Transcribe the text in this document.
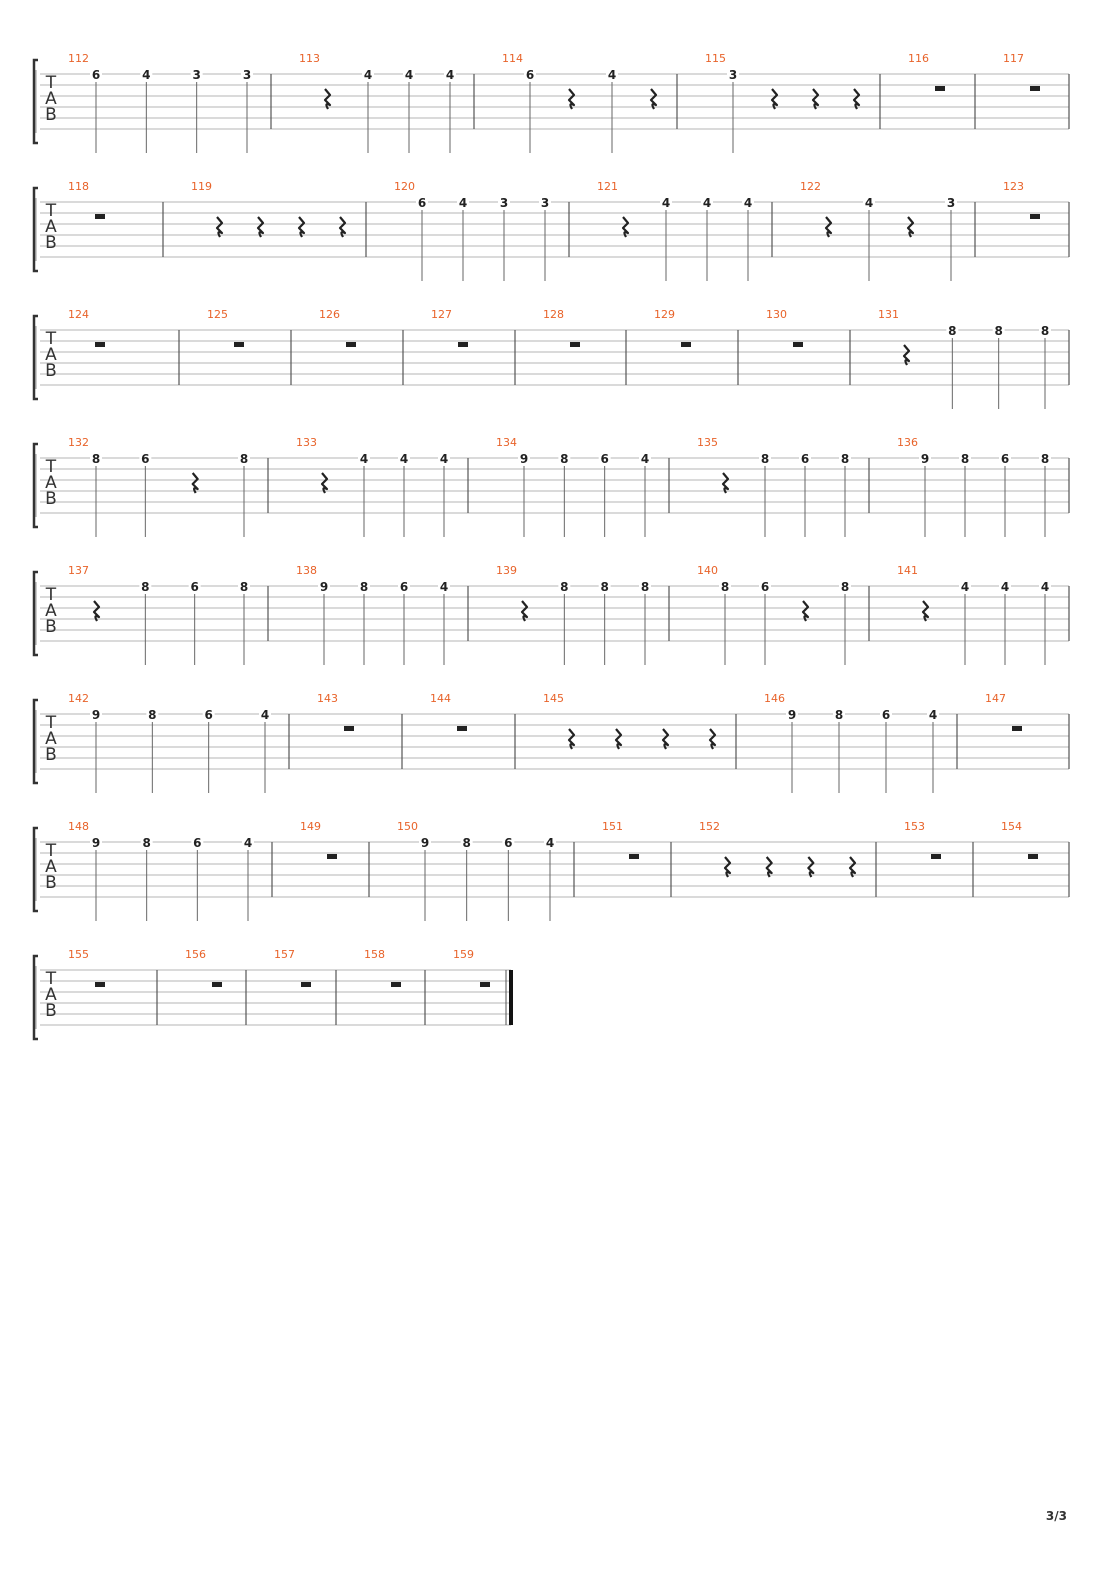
T
A
B
112
6	4	3	3
113
4	4	4
114
6	4
115
3
116	117
T
A
B
118	119	120
6	4	3	3
121
4	4	4
122
4	3
123
T
A
B
124	125	126	127	128	129	130	131
8	8	8
T
A
B
132
8	6	8
133
4	4	4
134
9	8	6	4
135
8	6	8
136
9	8	6	8
T
A
B
137
8	6	8
138
9	8	6	4
139
8	8	8
140
8	6	8
141
4	4	4
T
A
B
142
9	8	6	4
143	144	145	146
9	8	6	4
147
T
A
B
148
9	8	6	4
149	150
9	8	6	4
151	152	153	154
T
A
B
155	156	157	158	159
3/3
